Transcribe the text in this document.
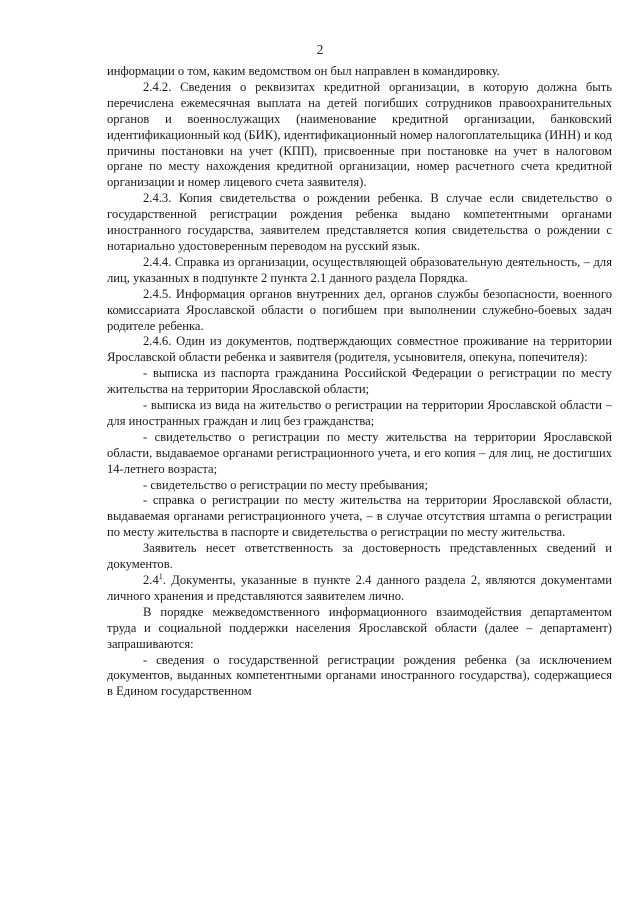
2

информации о том, каким ведомством он был направлен в командировку.

2.4.2. Сведения о реквизитах кредитной организации, в которую должна быть перечислена ежемесячная выплата на детей погибших сотрудников правоохранительных органов и военнослужащих (наименование кредитной организации, банковский идентификационный код (БИК), идентификационный номер налогоплательщика (ИНН) и код причины постановки на учет (КПП), присвоенные при постановке на учет в налоговом органе по месту нахождения кредитной организации, номер расчетного счета кредитной организации и номер лицевого счета заявителя).

2.4.3. Копия свидетельства о рождении ребенка. В случае если свидетельство о государственной регистрации рождения ребенка выдано компетентными органами иностранного государства, заявителем представляется копия свидетельства о рождении с нотариально удостоверенным переводом на русский язык.

2.4.4. Справка из организации, осуществляющей образовательную деятельность, – для лиц, указанных в подпункте 2 пункта 2.1 данного раздела Порядка.

2.4.5. Информация органов внутренних дел, органов службы безопасности, военного комиссариата Ярославской области о погибшем при выполнении служебно-боевых задач родителе ребенка.

2.4.6. Один из документов, подтверждающих совместное проживание на территории Ярославской области ребенка и заявителя (родителя, усыновителя, опекуна, попечителя):

- выписка из паспорта гражданина Российской Федерации о регистрации по месту жительства на территории Ярославской области;

- выписка из вида на жительство о регистрации на территории Ярославской области – для иностранных граждан и лиц без гражданства;

- свидетельство о регистрации по месту жительства на территории Ярославской области, выдаваемое органами регистрационного учета, и его копия – для лиц, не достигших 14-летнего возраста;

- свидетельство о регистрации по месту пребывания;

- справка о регистрации по месту жительства на территории Ярославской области, выдаваемая органами регистрационного учета, – в случае отсутствия штампа о регистрации по месту жительства в паспорте и свидетельства о регистрации по месту жительства.

Заявитель несет ответственность за достоверность представленных сведений и документов.

$2.4^1$. Документы, указанные в пункте 2.4 данного раздела 2, являются документами личного хранения и представляются заявителем лично.

В порядке межведомственного информационного взаимодействия департаментом труда и социальной поддержки населения Ярославской области (далее – департамент) запрашиваются:

- сведения о государственной регистрации рождения ребенка (за исключением документов, выданных компетентными органами иностранного государства), содержащиеся в Едином государственном
